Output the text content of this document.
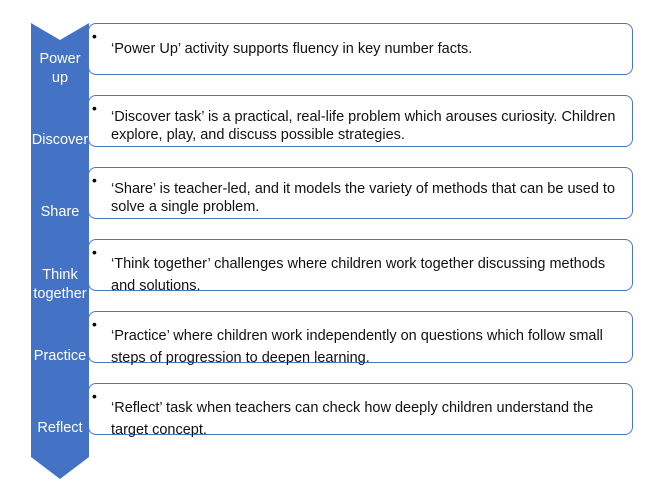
Power
up
•

‘Power Up’ activity supports fluency in key number facts.

Discover
•

‘Discover task’ is a practical, real-life problem which arouses curiosity. Children explore, play, and discuss possible strategies.

Share
•

‘Share’ is teacher-led, and it models the variety of methods that can be used to solve a single problem.

Think
together
•

‘Think together’ challenges where children work together discussing methods and solutions.

Practice
•

‘Practice’ where children work independently on questions which follow small steps of progression to deepen learning.

Reflect
•

‘Reflect’ task when teachers can check how deeply children understand the target concept.
